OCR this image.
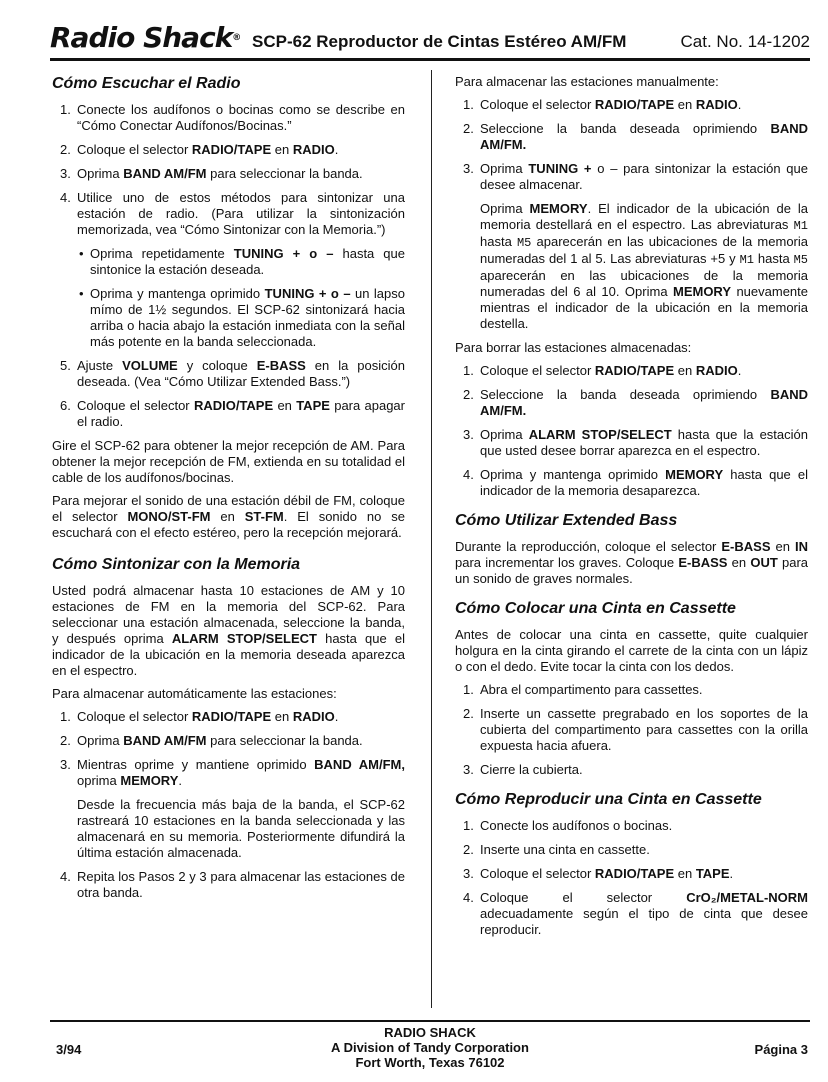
Radio Shack® SCP-62 Reproductor de Cintas Estéreo AM/FM	Cat. No. 14-1202
Cómo Escuchar el Radio
1. Conecte los audífonos o bocinas como se describe en “Cómo Conectar Audífonos/Bocinas.”
2. Coloque el selector RADIO/TAPE en RADIO.
3. Oprima BAND AM/FM para seleccionar la banda.
4. Utilice uno de estos métodos para sintonizar una estación de radio. (Para utilizar la sintonización memorizada, vea “Cómo Sintonizar con la Memoria.”)
• Oprima repetidamente TUNING + o – hasta que sintonice la estación deseada.
• Oprima y mantenga oprimido TUNING + o – un lapso mímo de 1½ segundos. El SCP-62 sintonizará hacia arriba o hacia abajo la estación inmediata con la señal más potente en la banda seleccionada.
5. Ajuste VOLUME y coloque E-BASS en la posición deseada. (Vea “Cómo Utilizar Extended Bass.”)
6. Coloque el selector RADIO/TAPE en TAPE para apagar el radio.

Gire el SCP-62 para obtener la mejor recepción de AM. Para obtener la mejor recepción de FM, extienda en su totalidad el cable de los audífonos/bocinas.

Para mejorar el sonido de una estación débil de FM, coloque el selector MONO/ST-FM en ST-FM. El sonido no se escuchará con el efecto estéreo, pero la recepción mejorará.

Cómo Sintonizar con la Memoria

Usted podrá almacenar hasta 10 estaciones de AM y 10 estaciones de FM en la memoria del SCP-62. Para seleccionar una estación almacenada, seleccione la banda, y después oprima ALARM STOP/SELECT hasta que el indicador de la ubicación en la memoria deseada aparezca en el espectro.

Para almacenar automáticamente las estaciones:

1. Coloque el selector RADIO/TAPE en RADIO.
2. Oprima BAND AM/FM para seleccionar la banda.
3. Mientras oprime y mantiene oprimido BAND AM/FM, oprima MEMORY.
Desde la frecuencia más baja de la banda, el SCP-62 rastreará 10 estaciones en la banda seleccionada y las almacenará en su memoria. Posteriormente difundirá la última estación almacenada.
4. Repita los Pasos 2 y 3 para almacenar las estaciones de otra banda.

Para almacenar las estaciones manualmente:

1. Coloque el selector RADIO/TAPE en RADIO.
2. Seleccione la banda deseada oprimiendo BAND AM/FM.
3. Oprima TUNING + o – para sintonizar la estación que desee almacenar.
Oprima MEMORY. El indicador de la ubicación de la memoria destellará en el espectro. Las abreviaturas M1 hasta M5 aparecerán en las ubicaciones de la memoria numeradas del 1 al 5. Las abreviaturas +5 y M1 hasta M5 aparecerán en las ubicaciones de la memoria numeradas del 6 al 10. Oprima MEMORY nuevamente mientras el indicador de la ubicación en la memoria destella.

Para borrar las estaciones almacenadas:

1. Coloque el selector RADIO/TAPE en RADIO.
2. Seleccione la banda deseada oprimiendo BAND AM/FM.
3. Oprima ALARM STOP/SELECT hasta que la estación que usted desee borrar aparezca en el espectro.
4. Oprima y mantenga oprimido MEMORY hasta que el indicador de la memoria desaparezca.
Cómo Utilizar Extended Bass

Durante la reproducción, coloque el selector E-BASS en IN para incrementar los graves. Coloque E-BASS en OUT para un sonido de graves normales.

Cómo Colocar una Cinta en Cassette

Antes de colocar una cinta en cassette, quite cualquier holgura en la cinta girando el carrete de la cinta con un lápiz o con el dedo. Evite tocar la cinta con los dedos.

1. Abra el compartimento para cassettes.
2. Inserte un cassette pregrabado en los soportes de la cubierta del compartimento para cassettes con la orilla expuesta hacia afuera.
3. Cierre la cubierta.
Cómo Reproducir una Cinta en Cassette
1. Conecte los audífonos o bocinas.
2. Inserte una cinta en cassette.
3. Coloque el selector RADIO/TAPE en TAPE.
4. Coloque el selector CrO₂/METAL-NORM adecuadamente según el tipo de cinta que desee reproducir.
3/94
RADIO SHACK
A Division of Tandy Corporation
Fort Worth, Texas 76102
Página 3
